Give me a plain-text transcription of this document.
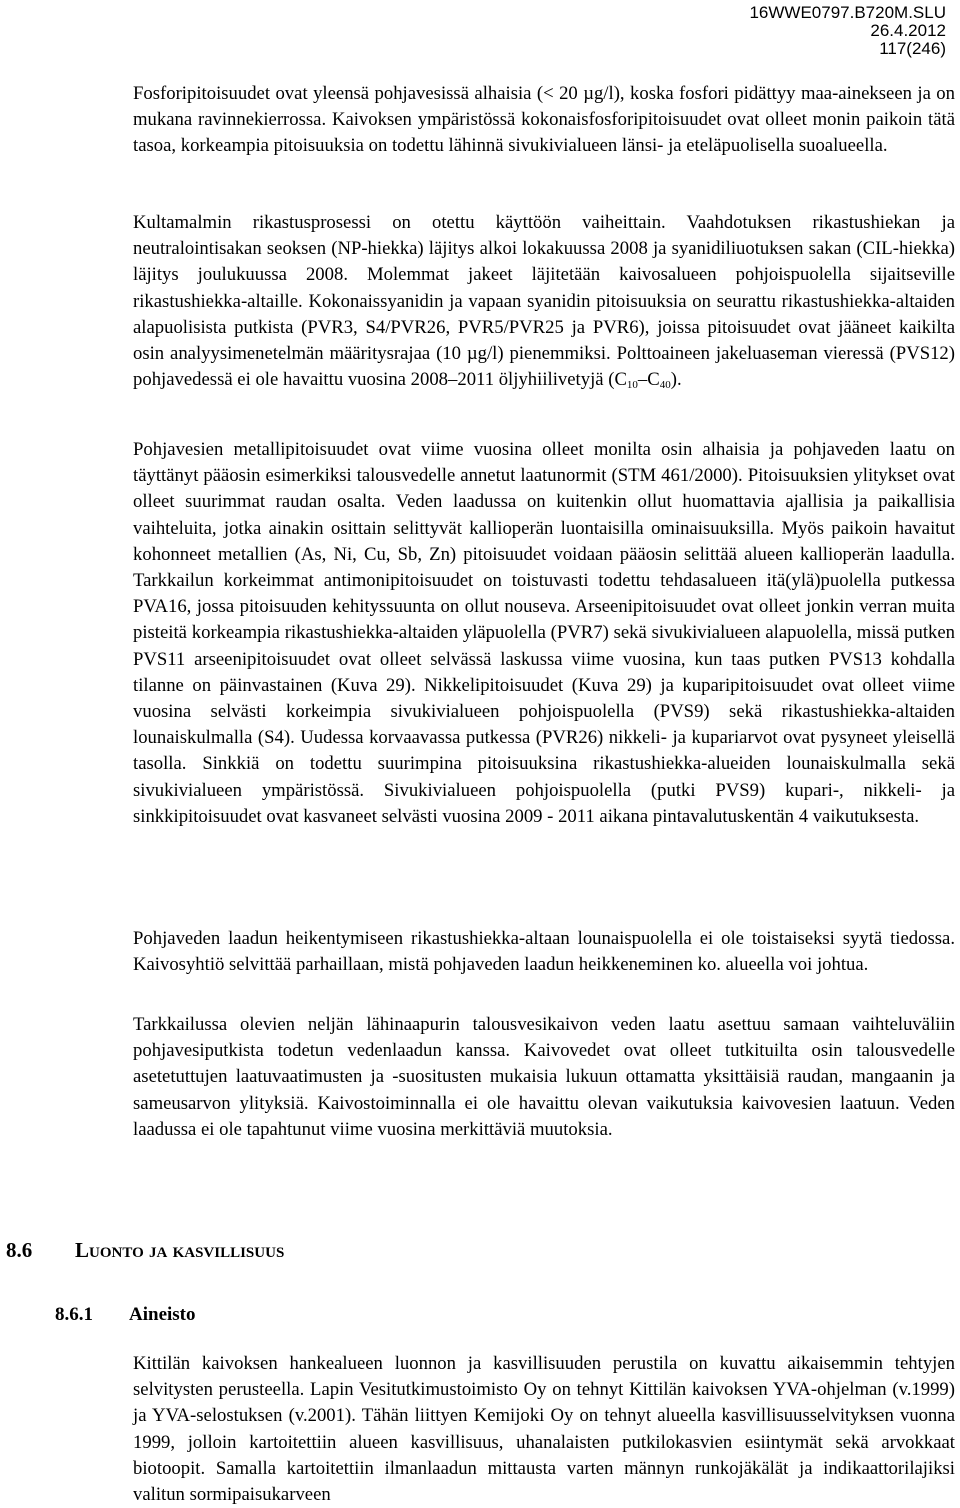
16WWE0797.B720M.SLU
26.4.2012
117(246)

Fosforipitoisuudet ovat yleensä pohjavesissä alhaisia (< 20 µg/l), koska fosfori pidättyy maa-ainekseen ja on mukana ravinnekierrossa. Kaivoksen ympäristössä kokonaisfosforipitoisuudet ovat olleet monin paikoin tätä tasoa, korkeampia pitoisuuksia on todettu lähinnä sivukivialueen länsi- ja eteläpuolisella suoalueella.

Kultamalmin rikastusprosessi on otettu käyttöön vaiheittain. Vaahdotuksen rikastushiekan ja neutralointisakan seoksen (NP-hiekka) läjitys alkoi lokakuussa 2008 ja syanidiliuotuksen sakan (CIL-hiekka) läjitys joulukuussa 2008. Molemmat jakeet läjitetään kaivosalueen pohjoispuolella sijaitseville rikastushiekka-altaille. Kokonaissyanidin ja vapaan syanidin pitoisuuksia on seurattu rikastushiekka-altaiden alapuolisista putkista (PVR3, S4/PVR26, PVR5/PVR25 ja PVR6), joissa pitoisuudet ovat jääneet kaikilta osin analyysimenetelmän määritysrajaa (10 µg/l) pienemmiksi. Polttoaineen jakeluaseman vieressä (PVS12) pohjavedessä ei ole havaittu vuosina 2008–2011 öljyhiilivetyjä $(C_{10}-C_{40})$.

Pohjavesien metallipitoisuudet ovat viime vuosina olleet monilta osin alhaisia ja pohjaveden laatu on täyttänyt pääosin esimerkiksi talousvedelle annetut laatunormit (STM 461/2000). Pitoisuuksien ylitykset ovat olleet suurimmat raudan osalta. Veden laadussa on kuitenkin ollut huomattavia ajallisia ja paikallisia vaihteluita, jotka ainakin osittain selittyvät kallioperän luontaisilla ominaisuuksilla. Myös paikoin havaitut kohonneet metallien (As, Ni, Cu, Sb, Zn) pitoisuudet voidaan pääosin selittää alueen kallioperän laadulla. Tarkkailun korkeimmat antimonipitoisuudet on toistuvasti todettu tehdasalueen itä(ylä)puolella putkessa PVA16, jossa pitoisuuden kehityssuunta on ollut nouseva. Arseenipitoisuudet ovat olleet jonkin verran muita pisteitä korkeampia rikastushiekka-altaiden yläpuolella (PVR7) sekä sivukivialueen alapuolella, missä putken PVS11 arseenipitoisuudet ovat olleet selvässä laskussa viime vuosina, kun taas putken PVS13 kohdalla tilanne on päinvastainen (Kuva 29). Nikkelipitoisuudet (Kuva 29) ja kuparipitoisuudet ovat olleet viime vuosina selvästi korkeimpia sivukivialueen pohjoispuolella (PVS9) sekä rikastushiekka-altaiden lounaiskulmalla (S4). Uudessa korvaavassa putkessa (PVR26) nikkeli- ja kupariarvot ovat pysyneet yleisellä tasolla. Sinkkiä on todettu suurimpina pitoisuuksina rikastushiekka-alueiden lounaiskulmalla sekä sivukivialueen ympäristössä. Sivukivialueen pohjoispuolella (putki PVS9) kupari-, nikkeli- ja sinkkipitoisuudet ovat kasvaneet selvästi vuosina 2009 - 2011 aikana pintavalutuskentän 4 vaikutuksesta.

Pohjaveden laadun heikentymiseen rikastushiekka-altaan lounaispuolella ei ole toistaiseksi syytä tiedossa. Kaivosyhtiö selvittää parhaillaan, mistä pohjaveden laadun heikkeneminen ko. alueella voi johtua.

Tarkkailussa olevien neljän lähinaapurin talousvesikaivon veden laatu asettuu samaan vaihteluväliin pohjavesiputkista todetun vedenlaadun kanssa. Kaivovedet ovat olleet tutkituilta osin talousvedelle asetetuttujen laatuvaatimusten ja -suositusten mukaisia lukuun ottamatta yksittäisiä raudan, mangaanin ja sameusarvon ylityksiä. Kaivostoiminnalla ei ole havaittu olevan vaikutuksia kaivovesien laatuun. Veden laadussa ei ole tapahtunut viime vuosina merkittäviä muutoksia.

8.6 Luonto ja kasvillisuus
8.6.1 Aineisto

Kittilän kaivoksen hankealueen luonnon ja kasvillisuuden perustila on kuvattu aikaisemmin tehtyjen selvitysten perusteella. Lapin Vesitutkimustoimisto Oy on tehnyt Kittilän kaivoksen YVA-ohjelman (v.1999) ja YVA-selostuksen (v.2001). Tähän liittyen Kemijoki Oy on tehnyt alueella kasvillisuusselvityksen vuonna 1999, jolloin kartoitettiin alueen kasvillisuus, uhanalaisten putkilokasvien esiintymät sekä arvokkaat biotoopit. Samalla kartoitettiin ilmanlaadun mittausta varten männyn runkojäkälät ja indikaattorilajiksi valitun sormipaisukarveen
